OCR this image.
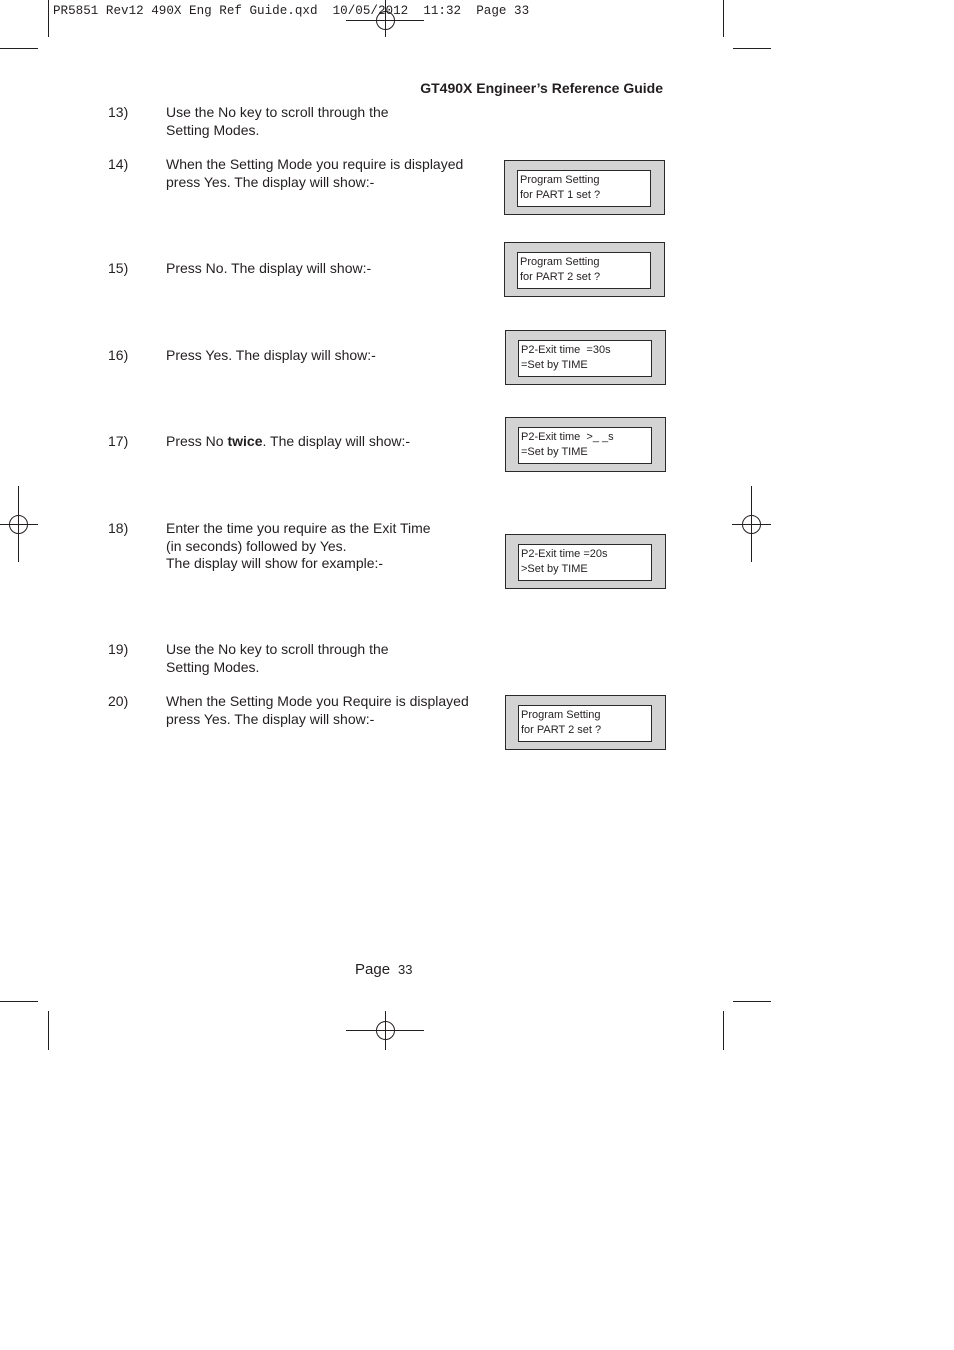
PR5851 Rev12 490X Eng Ref Guide.qxd  10/05/2012  11:32  Page 33
GT490X Engineer’s Reference Guide
13)	Use the No key to scroll through the
Setting Modes.
14)	When the Setting Mode you require is displayed
press Yes. The display will show:-
15)	Press No. The display will show:-
16)	Press Yes. The display will show:-
17)	Press No twice. The display will show:-
18)	Enter the time you require as the Exit Time
(in seconds) followed by Yes.
The display will show for example:-
19)	Use the No key to scroll through the
Setting Modes.
20)	When the Setting Mode you Require is displayed
press Yes. The display will show:-
Program Setting
for PART 1 set ?
Program Setting
for PART 2 set ?
P2-Exit time  =30s
=Set by TIME
P2-Exit time  >_ _s
=Set by TIME
P2-Exit time =20s
>Set by TIME
Program Setting
for PART 2 set ?
Page 33
